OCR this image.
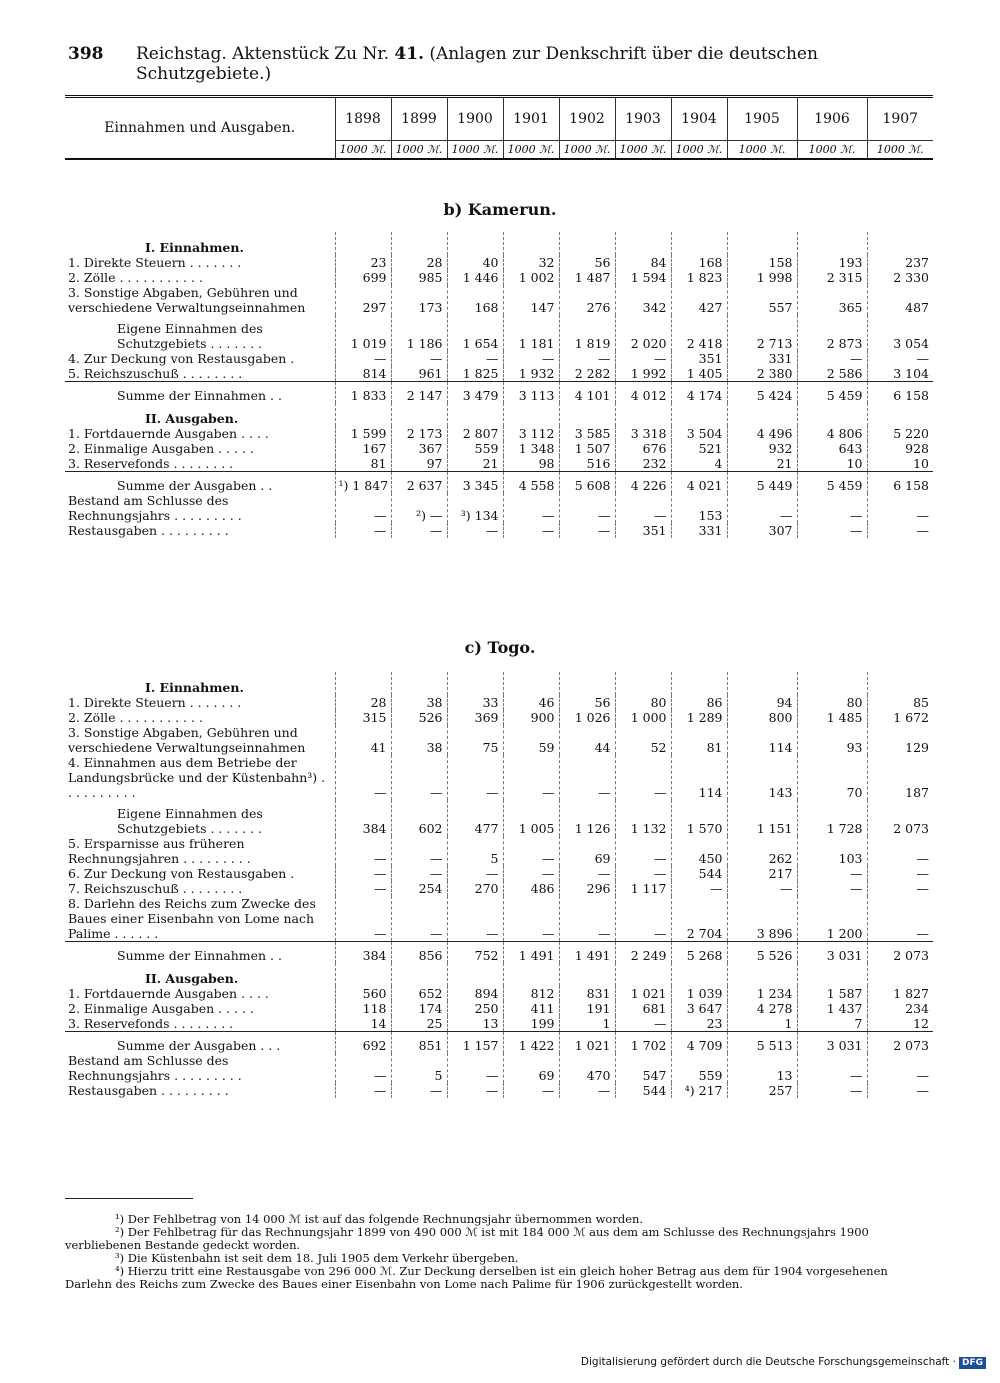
398 Reichstag. Aktenstück Zu Nr. 41. (Anlagen zur Denkschrift über die deutschen Schutzgebiete.)
Einnahmen und Ausgaben.	1898	1899	1900	1901	1902	1903	1904	1905	1906	1907
	1000 ℳ.	1000 ℳ.	1000 ℳ.	1000 ℳ.	1000 ℳ.	1000 ℳ.	1000 ℳ.	1000 ℳ.	1000 ℳ.	1000 ℳ.
b) Kamerun.
I. Einnahmen.										
1. Direkte Steuern . . . . . . .	23	28	40	32	56	84	168	158	193	237
2. Zölle . . . . . . . . . . .	699	985	1 446	1 002	1 487	1 594	1 823	1 998	2 315	2 330
3. Sonstige Abgaben, Gebühren und verschiedene Verwaltungseinnahmen	297	173	168	147	276	342	427	557	365	487
Eigene Einnahmen des Schutzgebiets . . . . . . .	1 019	1 186	1 654	1 181	1 819	2 020	2 418	2 713	2 873	3 054
4. Zur Deckung von Restausgaben .	—	—	—	—	—	—	351	331	—	—
5. Reichszuschuß . . . . . . . .	814	961	1 825	1 932	2 282	1 992	1 405	2 380	2 586	3 104
Summe der Einnahmen . .	1 833	2 147	3 479	3 113	4 101	4 012	4 174	5 424	5 459	6 158
II. Ausgaben.										
1. Fortdauernde Ausgaben . . . .	1 599	2 173	2 807	3 112	3 585	3 318	3 504	4 496	4 806	5 220
2. Einmalige Ausgaben . . . . .	167	367	559	1 348	1 507	676	521	932	643	928
3. Reservefonds . . . . . . . .	81	97	21	98	516	232	4	21	10	10
Summe der Ausgaben . .	¹) 1 847	2 637	3 345	4 558	5 608	4 226	4 021	5 449	5 459	6 158
Bestand am Schlusse des Rechnungsjahrs . . . . . . . . .	—	²) —	³) 134	—	—	—	153	—	—	—
Restausgaben . . . . . . . . .	—	—	—	—	—	351	331	307	—	—
c) Togo.
I. Einnahmen.										
1. Direkte Steuern . . . . . . .	28	38	33	46	56	80	86	94	80	85
2. Zölle . . . . . . . . . . .	315	526	369	900	1 026	1 000	1 289	800	1 485	1 672
3. Sonstige Abgaben, Gebühren und verschiedene Verwaltungseinnahmen	41	38	75	59	44	52	81	114	93	129
4. Einnahmen aus dem Betriebe der Landungsbrücke und der Küstenbahn³) . . . . . . . . . .	—	—	—	—	—	—	114	143	70	187
Eigene Einnahmen des Schutzgebiets . . . . . . .	384	602	477	1 005	1 126	1 132	1 570	1 151	1 728	2 073
5. Ersparnisse aus früheren Rechnungsjahren . . . . . . . . .	—	—	5	—	69	—	450	262	103	—
6. Zur Deckung von Restausgaben .	—	—	—	—	—	—	544	217	—	—
7. Reichszuschuß . . . . . . . .	—	254	270	486	296	1 117	—	—	—	—
8. Darlehn des Reichs zum Zwecke des Baues einer Eisenbahn von Lome nach Palime . . . . . .	—	—	—	—	—	—	2 704	3 896	1 200	—
Summe der Einnahmen . .	384	856	752	1 491	1 491	2 249	5 268	5 526	3 031	2 073
II. Ausgaben.										
1. Fortdauernde Ausgaben . . . .	560	652	894	812	831	1 021	1 039	1 234	1 587	1 827
2. Einmalige Ausgaben . . . . .	118	174	250	411	191	681	3 647	4 278	1 437	234
3. Reservefonds . . . . . . . .	14	25	13	199	1	—	23	1	7	12
Summe der Ausgaben . . .	692	851	1 157	1 422	1 021	1 702	4 709	5 513	3 031	2 073
Bestand am Schlusse des Rechnungsjahrs . . . . . . . . .	—	5	—	69	470	547	559	13	—	—
Restausgaben . . . . . . . . .	—	—	—	—	—	544	⁴) 217	257	—	—

¹) Der Fehlbetrag von 14 000 ℳ ist auf das folgende Rechnungsjahr übernommen worden.

²) Der Fehlbetrag für das Rechnungsjahr 1899 von 490 000 ℳ ist mit 184 000 ℳ aus dem am Schlusse des Rechnungsjahrs 1900 verbliebenen Bestande gedeckt worden.

³) Die Küstenbahn ist seit dem 18. Juli 1905 dem Verkehr übergeben.

⁴) Hierzu tritt eine Restausgabe von 296 000 ℳ. Zur Deckung derselben ist ein gleich hoher Betrag aus dem für 1904 vorgesehenen Darlehn des Reichs zum Zwecke des Baues einer Eisenbahn von Lome nach Palime für 1906 zurückgestellt worden.

Digitalisierung gefördert durch die Deutsche Forschungsgemeinschaft · DFG
